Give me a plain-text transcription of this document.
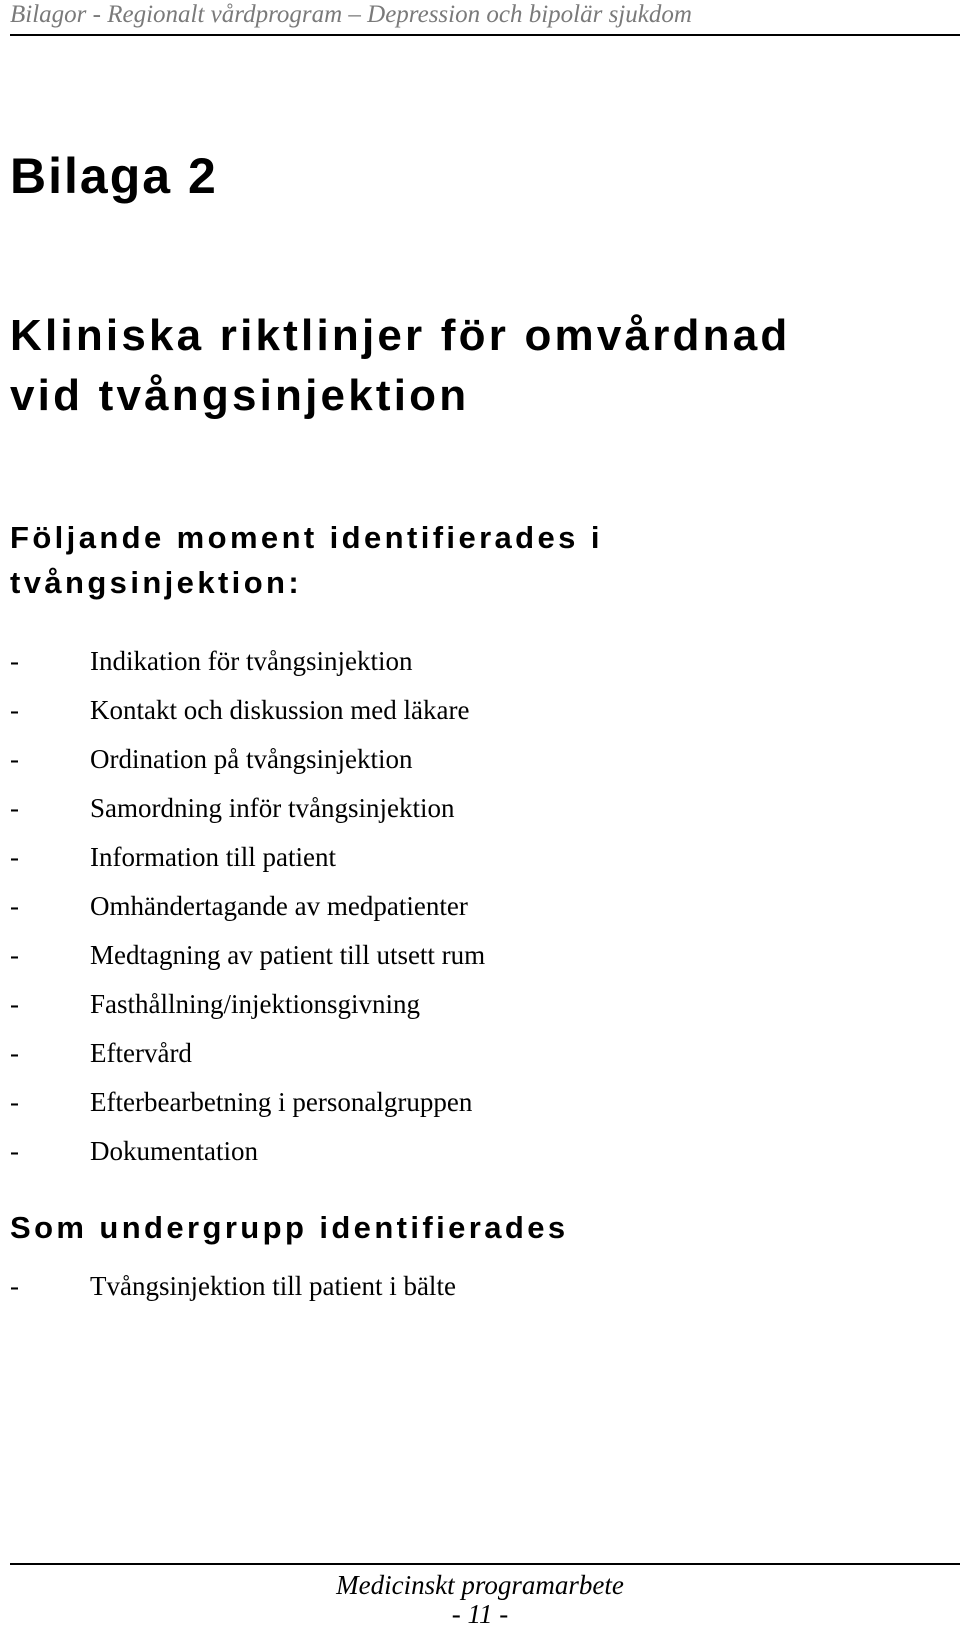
Bilagor - Regionalt vårdprogram – Depression och bipolär sjukdom
Bilaga 2
Kliniska riktlinjer för omvårdnad
vid tvångsinjektion
Följande moment identifierades i
tvångsinjektion:
-	Indikation för tvångsinjektion
-	Kontakt och diskussion med läkare
-	Ordination på tvångsinjektion
-	Samordning inför tvångsinjektion
-	Information till patient
-	Omhändertagande av medpatienter
-	Medtagning av patient till utsett rum
-	Fasthållning/injektionsgivning
-	Eftervård
-	Efterbearbetning i personalgruppen
-	Dokumentation
Som undergrupp identifierades
-	Tvångsinjektion till patient i bälte
Medicinskt programarbete
- 11 -
